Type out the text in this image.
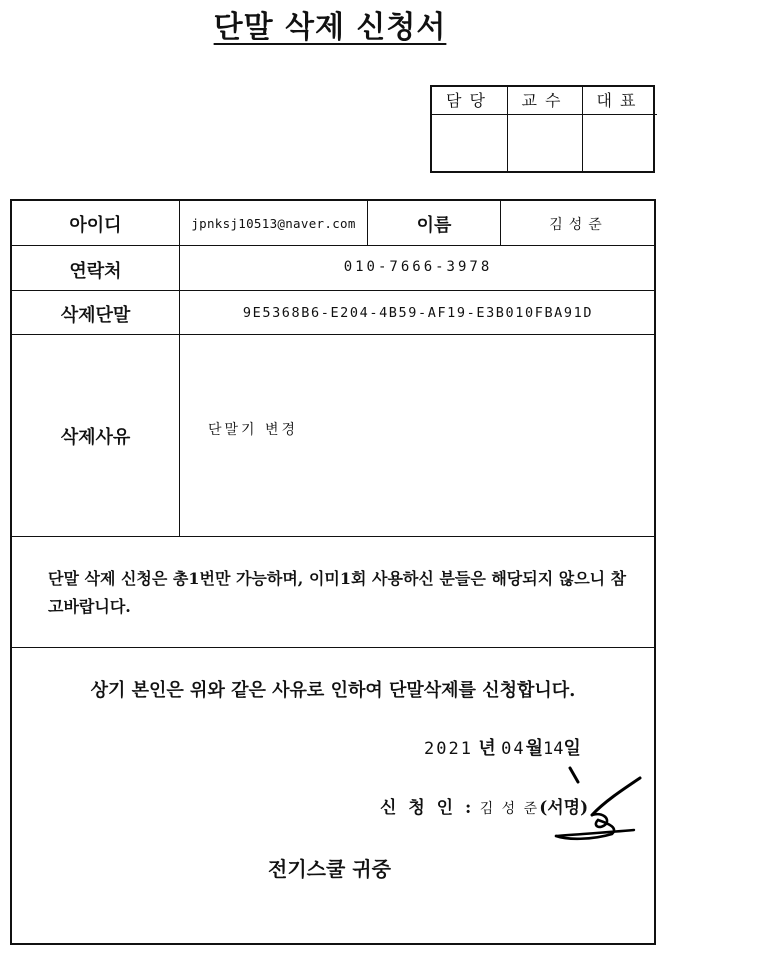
단말 삭제 신청서
담당	교수	대표
아이디	jpnksj10513@naver.com	이름	김성준
연락처	010-7666-3978
삭제단말	9E5368B6-E204-4B59-AF19-E3B010FBA91D
삭제사유	단말기 변경
단말 삭제 신청은 총1번만 가능하며, 이미1회 사용하신 분들은 해당되지 않으니 참고바랍니다.
상기 본인은 위와 같은 사유로 인하여 단말삭제를 신청합니다.
2021 년 04월14일
신 청 인 : 김 성 준(서명)
전기스쿨 귀중
